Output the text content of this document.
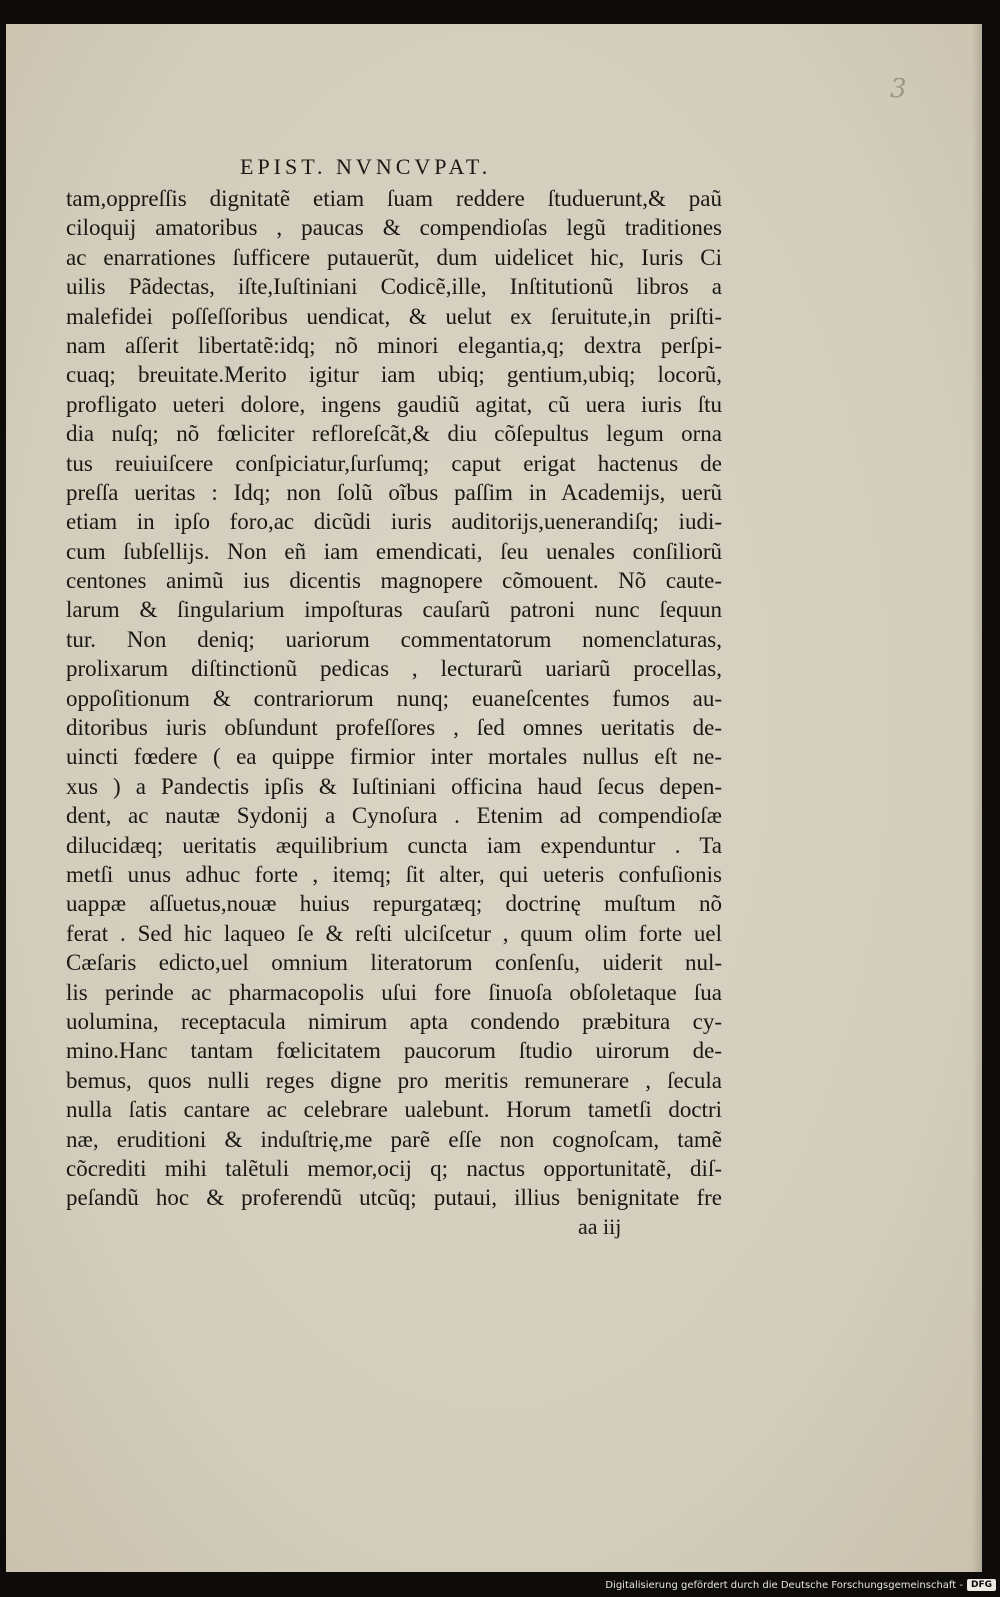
3
EPIST. NVNCVPAT.
tam,oppreſſis dignitatẽ etiam ſuam reddere ſtuduerunt,& paũ
ciloquij amatoribus , paucas & compendioſas legũ traditiones
ac enarrationes ſufficere putauerũt, dum uidelicet hic, Iuris Ci
uilis Pãdectas, iſte,Iuſtiniani Codicẽ,ille, Inſtitutionũ libros a
malefidei poſſeſſoribus uendicat, & uelut ex ſeruitute,in priſti-
nam aſſerit libertatẽ:idq; nõ minori elegantia,q; dextra perſpi-
cuaq; breuitate.Merito igitur iam ubiq; gentium,ubiq; locorũ,
profligato ueteri dolore, ingens gaudiũ agitat, cũ uera iuris ſtu
dia nuſq; nõ fœliciter refloreſcãt,& diu cõſepultus legum orna
tus reuiuiſcere conſpiciatur,ſurſumq; caput erigat hactenus de
preſſa ueritas : Idq; non ſolũ oĩbus paſſim in Academijs, uerũ
etiam in ipſo foro,ac dicũdi iuris auditorijs,uenerandiſq; iudi-
cum ſubſellijs. Non eñ iam emendicati, ſeu uenales conſiliorũ
centones animũ ius dicentis magnopere cõmouent. Nõ caute-
larum & ſingularium impoſturas cauſarũ patroni nunc ſequun
tur. Non deniq; uariorum commentatorum nomenclaturas,
prolixarum diſtinctionũ pedicas , lecturarũ uariarũ procellas,
oppoſitionum & contrariorum nunq; euaneſcentes fumos au-
ditoribus iuris obſundunt profeſſores , ſed omnes ueritatis de-
uincti fœdere ( ea quippe firmior inter mortales nullus eſt ne-
xus ) a Pandectis ipſis & Iuſtiniani officina haud ſecus depen-
dent, ac nautæ Sydonij a Cynoſura . Etenim ad compendioſæ
dilucidæq; ueritatis æquilibrium cuncta iam expenduntur . Ta
metſi unus adhuc forte , itemq; ſit alter, qui ueteris confuſionis
uappæ aſſuetus,nouæ huius repurgatæq; doctrinę muſtum nõ
ferat . Sed hic laqueo ſe & reſti ulciſcetur , quum olim forte uel
Cæſaris edicto,uel omnium literatorum conſenſu, uiderit nul-
lis perinde ac pharmacopolis uſui fore ſinuoſa obſoletaque ſua
uolumina, receptacula nimirum apta condendo præbitura cy-
mino.Hanc tantam fœlicitatem paucorum ſtudio uirorum de-
bemus, quos nulli reges digne pro meritis remunerare , ſecula
nulla ſatis cantare ac celebrare ualebunt. Horum tametſi doctri
næ, eruditioni & induſtrię,me parẽ eſſe non cognoſcam, tamẽ
cõcrediti mihi talẽtuli memor,ocij q; nactus opportunitatẽ, diſ-
peſandũ hoc & proferendũ utcũq; putaui, illius benignitate fre
aa iij
Digitalisierung gefördert durch die Deutsche Forschungsgemeinschaft - DFG
